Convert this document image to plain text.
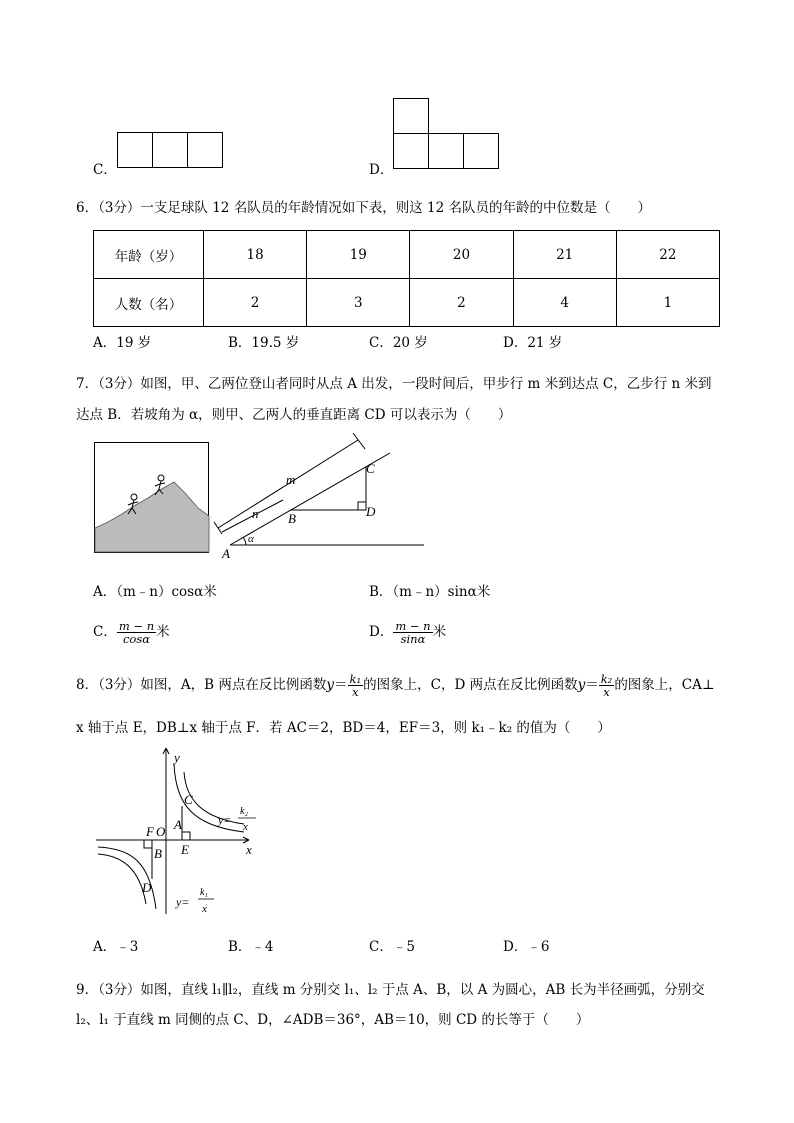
C．	D．
6．（3分）一支足球队 12 名队员的年龄情况如下表，则这 12 名队员的年龄的中位数是（　　）
年龄（岁）	18	19	20	21	22
人数（名）	2	3	2	4	1
A．19 岁	B．19.5 岁	C．20 岁	D．21 岁
7．（3分）如图，甲、乙两位登山者同时从点 A 出发，一段时间后，甲步行 m 米到达点 C，乙步行 n 米到
达点 B．若坡角为 α，则甲、乙两人的垂直距离 CD 可以表示为（　　）
m
n
A
B
C
D
α
A．（m﹣n）cosα米	B．（m﹣n）sinα米
C． $\frac{m - n}{\cos\alpha}$ 米	D． $\frac{m - n}{\sin\alpha}$ 米
8．（3分）如图，A，B 两点在反比例函数$y= \frac{\text{k₁}}{x}$ 的图象上，C，D 两点在反比例函数$y= \frac{\text{k₂}}{x}$ 的图象上，CA⊥
x 轴于点 E，DB⊥x 轴于点 F．若 AC＝2，BD＝4，EF＝3，则 k₁﹣k₂ 的值为（　　）
y
x
O
F A
C
E
B
D
y=
k₂
x
y=
k₁
x
A．﹣3	B．﹣4	C．﹣5	D．﹣6
9．（3分）如图，直线 l₁∥l₂，直线 m 分别交 l₁、l₂ 于点 A、B，以 A 为圆心，AB 长为半径画弧，分别交
l₂、l₁ 于直线 m 同侧的点 C、D，∠ADB＝36°，AB＝10，则 CD 的长等于（　　）
